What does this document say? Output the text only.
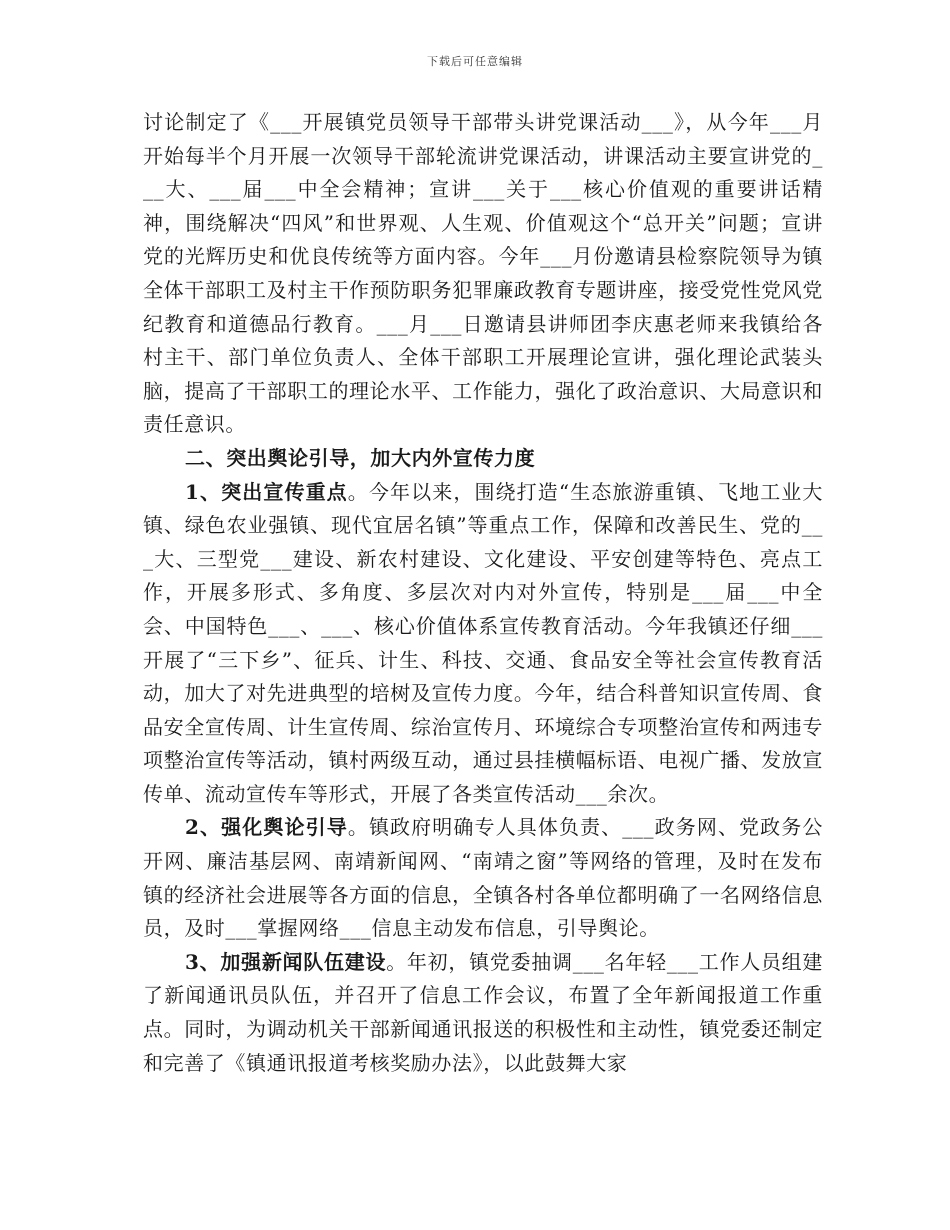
下载后可任意编辑

讨论制定了《___开展镇党员领导干部带头讲党课活动___》，从今年___月开始每半个月开展一次领导干部轮流讲党课活动，讲课活动主要宣讲党的___大、___届___中全会精神；宣讲___关于___核心价值观的重要讲话精神，围绕解决“四风”和世界观、人生观、价值观这个“总开关”问题；宣讲党的光辉历史和优良传统等方面内容。今年___月份邀请县检察院领导为镇全体干部职工及村主干作预防职务犯罪廉政教育专题讲座，接受党性党风党纪教育和道德品行教育。___月___日邀请县讲师团李庆惠老师来我镇给各村主干、部门单位负责人、全体干部职工开展理论宣讲，强化理论武装头脑，提高了干部职工的理论水平、工作能力，强化了政治意识、大局意识和责任意识。

二、突出舆论引导，加大内外宣传力度

1、突出宣传重点。今年以来，围绕打造“生态旅游重镇、飞地工业大镇、绿色农业强镇、现代宜居名镇”等重点工作，保障和改善民生、党的___大、三型党___建设、新农村建设、文化建设、平安创建等特色、亮点工作，开展多形式、多角度、多层次对内对外宣传，特别是___届___中全会、中国特色___、___、核心价值体系宣传教育活动。今年我镇还仔细___开展了“三下乡”、征兵、计生、科技、交通、食品安全等社会宣传教育活动，加大了对先进典型的培树及宣传力度。今年，结合科普知识宣传周、食品安全宣传周、计生宣传周、综治宣传月、环境综合专项整治宣传和两违专项整治宣传等活动，镇村两级互动，通过县挂横幅标语、电视广播、发放宣传单、流动宣传车等形式，开展了各类宣传活动___余次。

2、强化舆论引导。镇政府明确专人具体负责、___政务网、党政务公开网、廉洁基层网、南靖新闻网、“南靖之窗”等网络的管理，及时在发布镇的经济社会进展等各方面的信息，全镇各村各单位都明确了一名网络信息员，及时___掌握网络___信息主动发布信息，引导舆论。

3、加强新闻队伍建设。年初，镇党委抽调___名年轻___工作人员组建了新闻通讯员队伍，并召开了信息工作会议，布置了全年新闻报道工作重点。同时，为调动机关干部新闻通讯报送的积极性和主动性，镇党委还制定和完善了《镇通讯报道考核奖励办法》，以此鼓舞大家
